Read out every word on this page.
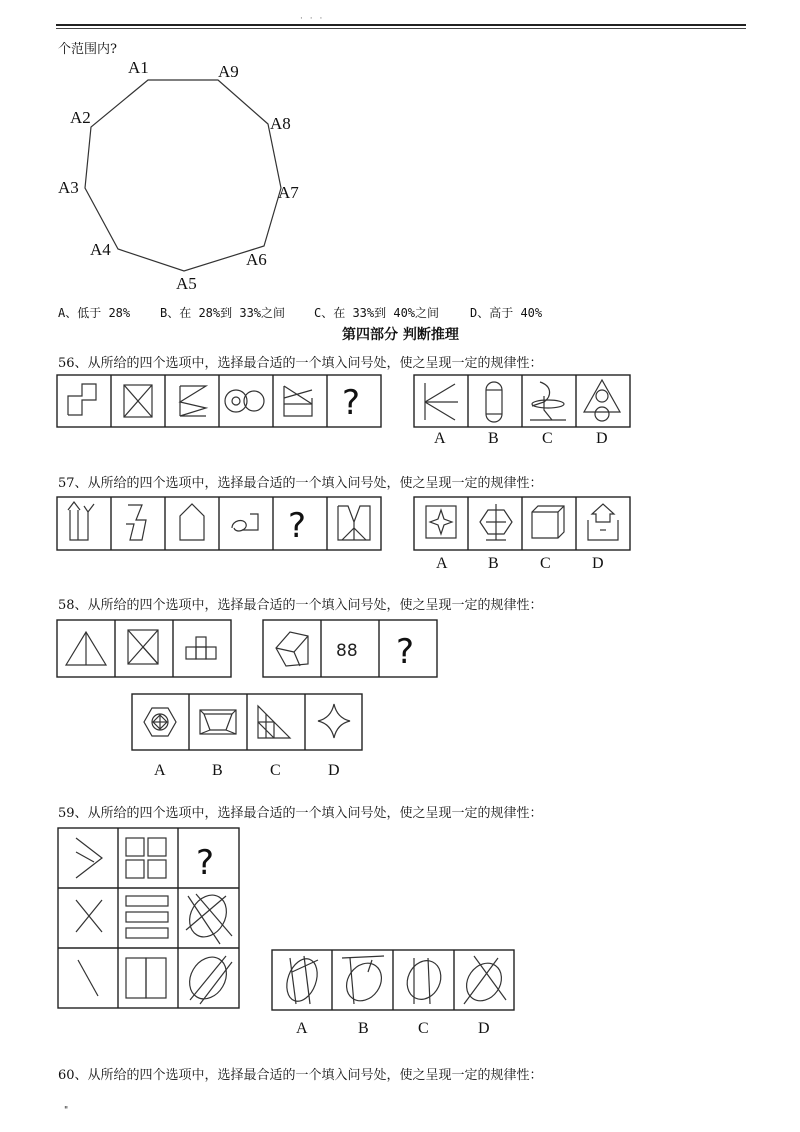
· · ·
个范围内?
A1
A2
A3
A4
A5
A6
A7
A8
A9
A、低于 28% B、在 28%到 33%之间 C、在 33%到 40%之间	D、高于 40%
第四部分 判断推理
56、从所给的四个选项中，选择最合适的一个填入问号处，使之呈现一定的规律性：
?
A	B	C	D
57、从所给的四个选项中，选择最合适的一个填入问号处，使之呈现一定的规律性：
?
A	B	C	D
58、从所给的四个选项中，选择最合适的一个填入问号处，使之呈现一定的规律性：
88 ?
A	B	C	D
59、从所给的四个选项中，选择最合适的一个填入问号处，使之呈现一定的规律性：
?
A	B	C	D
60、从所给的四个选项中，选择最合适的一个填入问号处，使之呈现一定的规律性：
"
